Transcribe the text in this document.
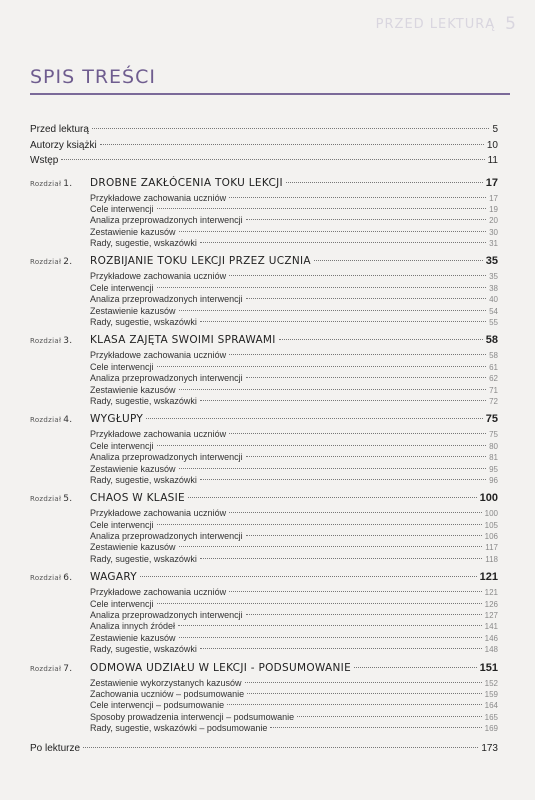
PRZED LEKTURĄ 5
SPIS TREŚCI
Przed lekturą	5
Autorzy książki	10
Wstęp	11
Rozdział 1.	DROBNE ZAKŁÓCENIA TOKU LEKCJI	17
Przykładowe zachowania uczniów	17
Cele interwencji	19
Analiza przeprowadzonych interwencji	20
Zestawienie kazusów	30
Rady, sugestie, wskazówki	31
Rozdział 2.	ROZBIJANIE TOKU LEKCJI PRZEZ UCZNIA	35
Przykładowe zachowania uczniów	35
Cele interwencji	38
Analiza przeprowadzonych interwencji	40
Zestawienie kazusów	54
Rady, sugestie, wskazówki	55
Rozdział 3.	KLASA ZAJĘTA SWOIMI SPRAWAMI	58
Przykładowe zachowania uczniów	58
Cele interwencji	61
Analiza przeprowadzonych interwencji	62
Zestawienie kazusów	71
Rady, sugestie, wskazówki	72
Rozdział 4.	WYGŁUPY	75
Przykładowe zachowania uczniów	75
Cele interwencji	80
Analiza przeprowadzonych interwencji	81
Zestawienie kazusów	95
Rady, sugestie, wskazówki	96
Rozdział 5.	CHAOS W KLASIE	100
Przykładowe zachowania uczniów	100
Cele interwencji	105
Analiza przeprowadzonych interwencji	106
Zestawienie kazusów	117
Rady, sugestie, wskazówki	118
Rozdział 6.	WAGARY	121
Przykładowe zachowania uczniów	121
Cele interwencji	126
Analiza przeprowadzonych interwencji	127
Analiza innych źródeł	141
Zestawienie kazusów	146
Rady, sugestie, wskazówki	148
Rozdział 7.	ODMOWA UDZIAŁU W LEKCJI - PODSUMOWANIE	151
Zestawienie wykorzystanych kazusów	152
Zachowania uczniów – podsumowanie	159
Cele interwencji – podsumowanie	164
Sposoby prowadzenia interwencji – podsumowanie	165
Rady, sugestie, wskazówki – podsumowanie	169
Po lekturze	173
